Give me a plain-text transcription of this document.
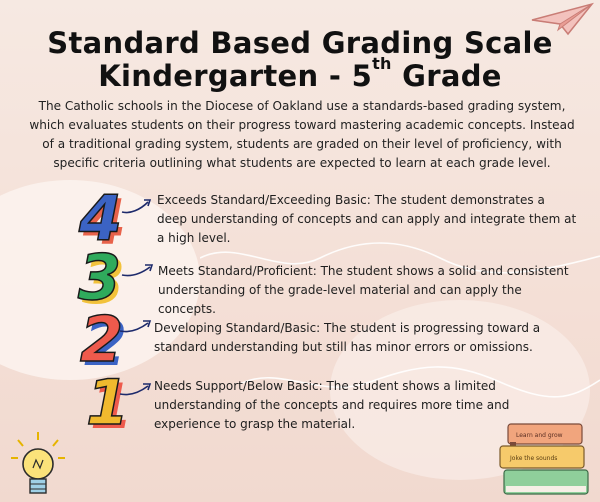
Standard Based Grading Scale
Kindergarten - 5th Grade

The Catholic schools in the Diocese of Oakland use a standards-based grading system, which evaluates students on their progress toward mastering academic concepts. Instead of a traditional grading system, students are graded on their level of proficiency, with specific criteria outlining what students are expected to learn at each grade level.

4	Exceeds Standard/Exceeding Basic: The student demonstrates a deep understanding of concepts and can apply and integrate them at a high level.

3	Meets Standard/Proficient: The student shows a solid and consistent understanding of the grade-level material and can apply the concepts.

2	Developing Standard/Basic: The student is progressing toward a standard understanding but still has minor errors or omissions.

1 Needs Support/Below Basic: The student shows a limited understanding of the concepts and requires more time and experience to grasp the material.

Learn and grow
Joke the sounds
